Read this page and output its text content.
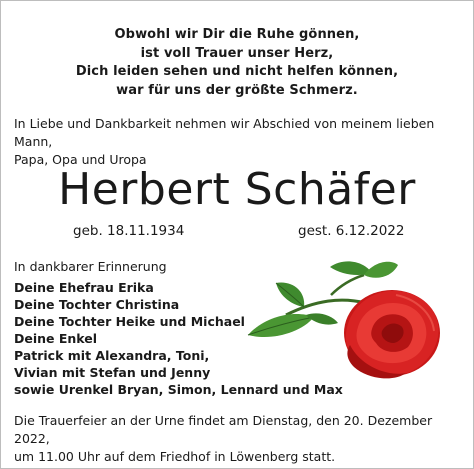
Obwohl wir Dir die Ruhe gönnen,
ist voll Trauer unser Herz,
Dich leiden sehen und nicht helfen können,
war für uns der größte Schmerz.
In Liebe und Dankbarkeit nehmen wir Abschied von meinem lieben Mann,
Papa, Opa und Uropa
Herbert Schäfer
geb. 18.11.1934	gest. 6.12.2022
In dankbarer Erinnerung
Deine Ehefrau Erika
Deine Tochter Christina
Deine Tochter Heike und Michael
Deine Enkel
Patrick mit Alexandra, Toni,
Vivian mit Stefan und Jenny
sowie Urenkel Bryan, Simon, Lennard und Max
Die Trauerfeier an der Urne findet am Dienstag, den 20. Dezember 2022,
um 11.00 Uhr auf dem Friedhof in Löwenberg statt.
